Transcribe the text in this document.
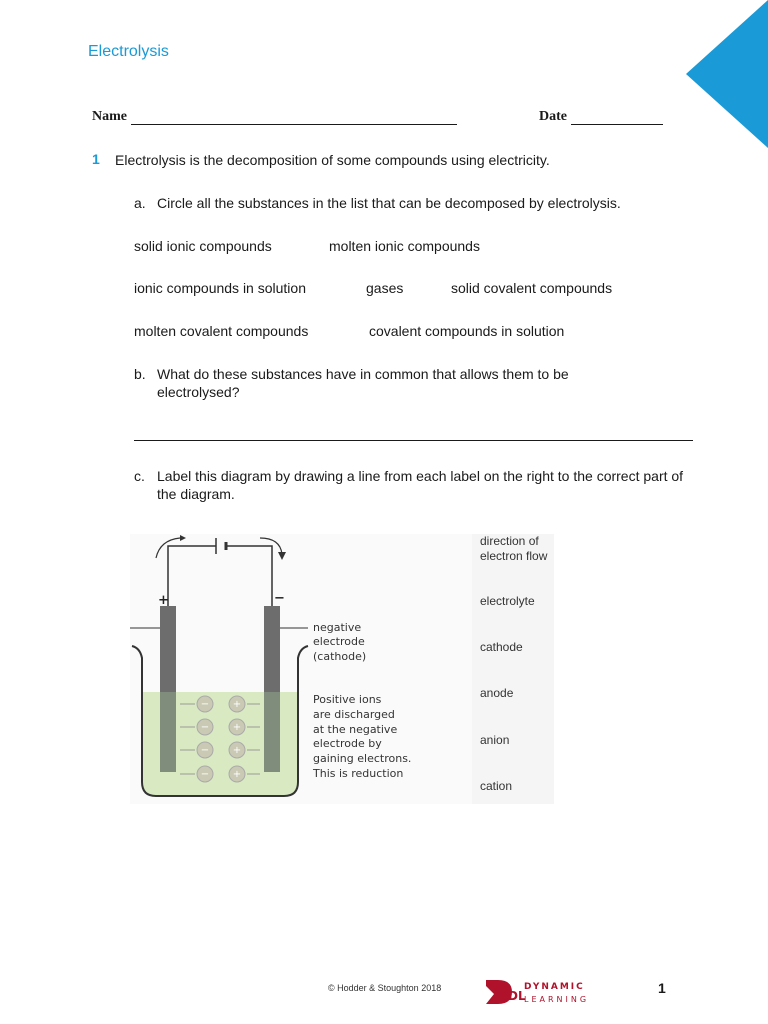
Electrolysis
Name	Date
1 Electrolysis is the decomposition of some compounds using electricity.
a. Circle all the substances in the list that can be decomposed by electrolysis.
solid ionic compounds	molten ionic compounds
ionic compounds in solution	gases	solid covalent compounds
molten covalent compounds	covalent compounds in solution
b. What do these substances have in common that allows them to be electrolysed?
c. Label this diagram by drawing a line from each label on the right to the correct part of the diagram.
− +
− +
− +
− +
+	−
negative
electrode
(cathode)
Positive ions
are discharged
at the negative
electrode by
gaining electrons.
This is reduction
direction of electron flow
electrolyte
cathode
anode
anion
cation
© Hodder & Stoughton 2018
DL
DYNAMIC
LEARNING
1
